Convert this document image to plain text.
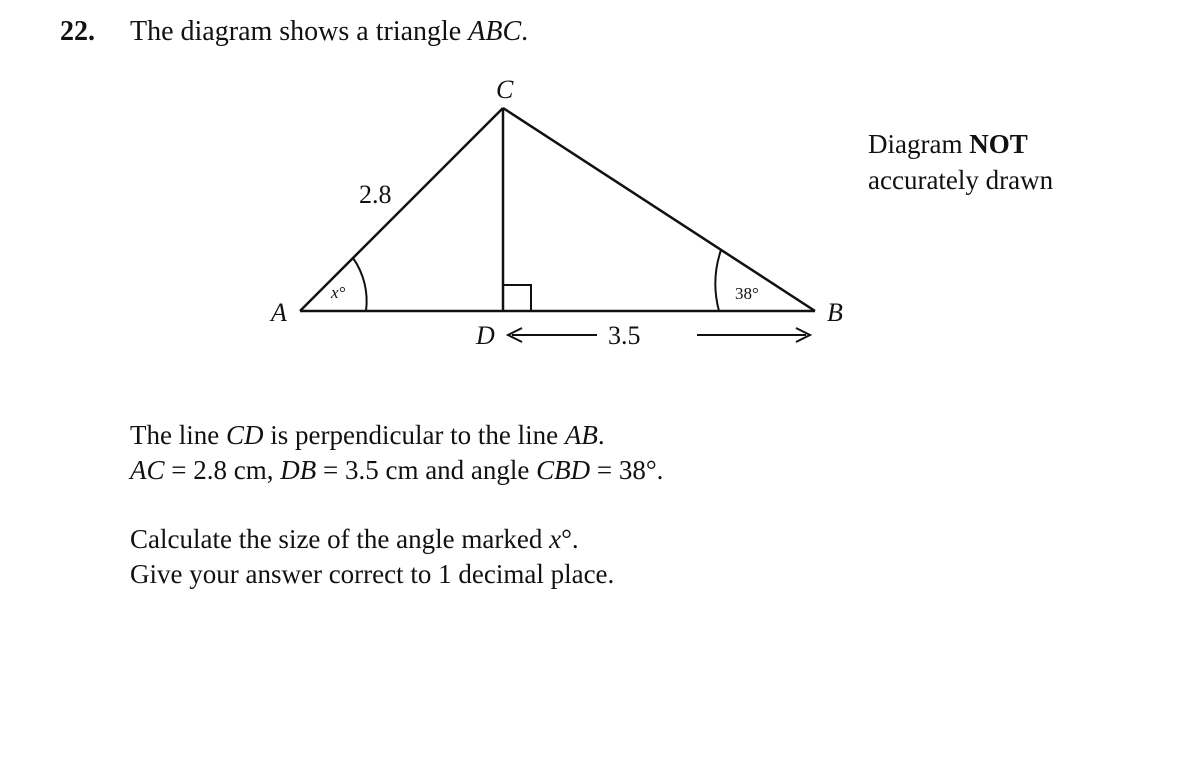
22. The diagram shows a triangle ABC.
C
A	B
D
2.8
3.5
x°	38°
Diagram NOT
accurately drawn
The line CD is perpendicular to the line AB.
AC = 2.8 cm, DB = 3.5 cm and angle CBD = 38°.
Calculate the size of the angle marked x°.
Give your answer correct to 1 decimal place.
